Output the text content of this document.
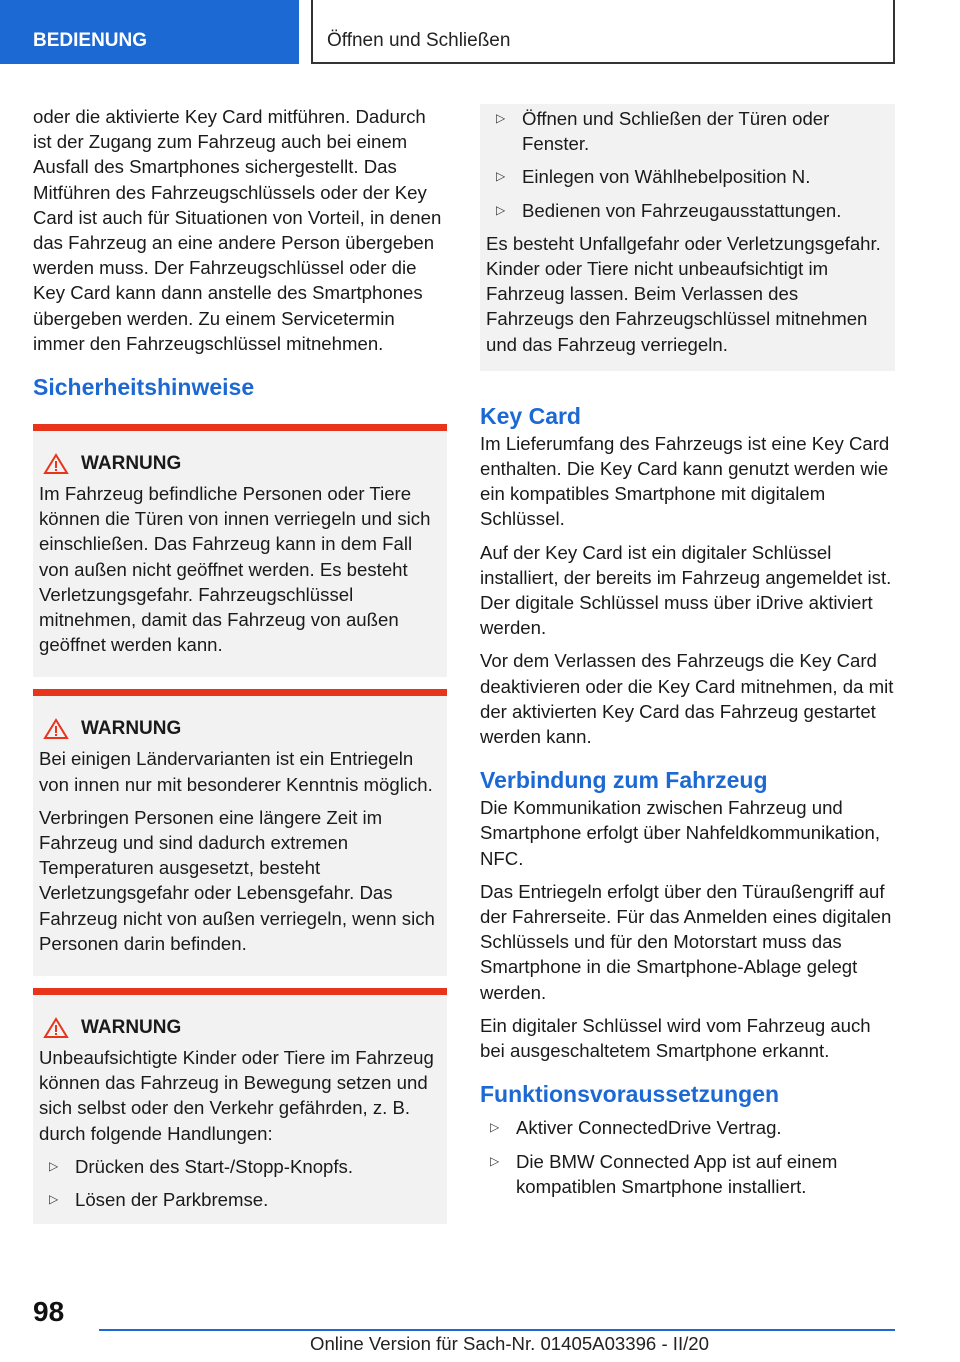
BEDIENUNG	Öffnen und Schließen

oder die aktivierte Key Card mitführen. Dadurch ist der Zugang zum Fahrzeug auch bei einem Ausfall des Smartphones sichergestellt. Das Mitführen des Fahrzeugschlüssels oder der Key Card ist auch für Situationen von Vorteil, in denen das Fahrzeug an eine andere Person übergeben werden muss. Der Fahrzeugschlüssel oder die Key Card kann dann anstelle des Smartphones übergeben werden. Zu einem Servicetermin immer den Fahrzeugschlüssel mitnehmen.

Sicherheitshinweise
WARNUNG

Im Fahrzeug befindliche Personen oder Tiere können die Türen von innen verriegeln und sich einschließen. Das Fahrzeug kann in dem Fall von außen nicht geöffnet werden. Es besteht Verletzungsgefahr. Fahrzeugschlüssel mitnehmen, damit das Fahrzeug von außen geöffnet werden kann.

WARNUNG

Bei einigen Ländervarianten ist ein Entriegeln von innen nur mit besonderer Kenntnis möglich.

Verbringen Personen eine längere Zeit im Fahrzeug und sind dadurch extremen Temperaturen ausgesetzt, besteht Verletzungsgefahr oder Lebensgefahr. Das Fahrzeug nicht von außen verriegeln, wenn sich Personen darin befinden.

WARNUNG

Unbeaufsichtigte Kinder oder Tiere im Fahrzeug können das Fahrzeug in Bewegung setzen und sich selbst oder den Verkehr gefährden, z. B. durch folgende Handlungen:

▷ Drücken des Start-/Stopp-Knopfs.
▷ Lösen der Parkbremse.
▷ Öffnen und Schließen der Türen oder Fenster.
▷ Einlegen von Wählhebelposition N.
▷ Bedienen von Fahrzeugausstattungen.

Es besteht Unfallgefahr oder Verletzungsgefahr. Kinder oder Tiere nicht unbeaufsichtigt im Fahrzeug lassen. Beim Verlassen des Fahrzeugs den Fahrzeugschlüssel mitnehmen und das Fahrzeug verriegeln.

Key Card

Im Lieferumfang des Fahrzeugs ist eine Key Card enthalten. Die Key Card kann genutzt werden wie ein kompatibles Smartphone mit digitalem Schlüssel.

Auf der Key Card ist ein digitaler Schlüssel installiert, der bereits im Fahrzeug angemeldet ist. Der digitale Schlüssel muss über iDrive aktiviert werden.

Vor dem Verlassen des Fahrzeugs die Key Card deaktivieren oder die Key Card mitnehmen, da mit der aktivierten Key Card das Fahrzeug gestartet werden kann.

Verbindung zum Fahrzeug

Die Kommunikation zwischen Fahrzeug und Smartphone erfolgt über Nahfeldkommunikation, NFC.

Das Entriegeln erfolgt über den Türaußengriff auf der Fahrerseite. Für das Anmelden eines digitalen Schlüssels und für den Motorstart muss das Smartphone in die Smartphone-Ablage gelegt werden.

Ein digitaler Schlüssel wird vom Fahrzeug auch bei ausgeschaltetem Smartphone erkannt.

Funktionsvoraussetzungen
▷ Aktiver ConnectedDrive Vertrag.
▷ Die BMW Connected App ist auf einem kompatiblen Smartphone installiert.
98
Online Version für Sach-Nr. 01405A03396 - II/20
